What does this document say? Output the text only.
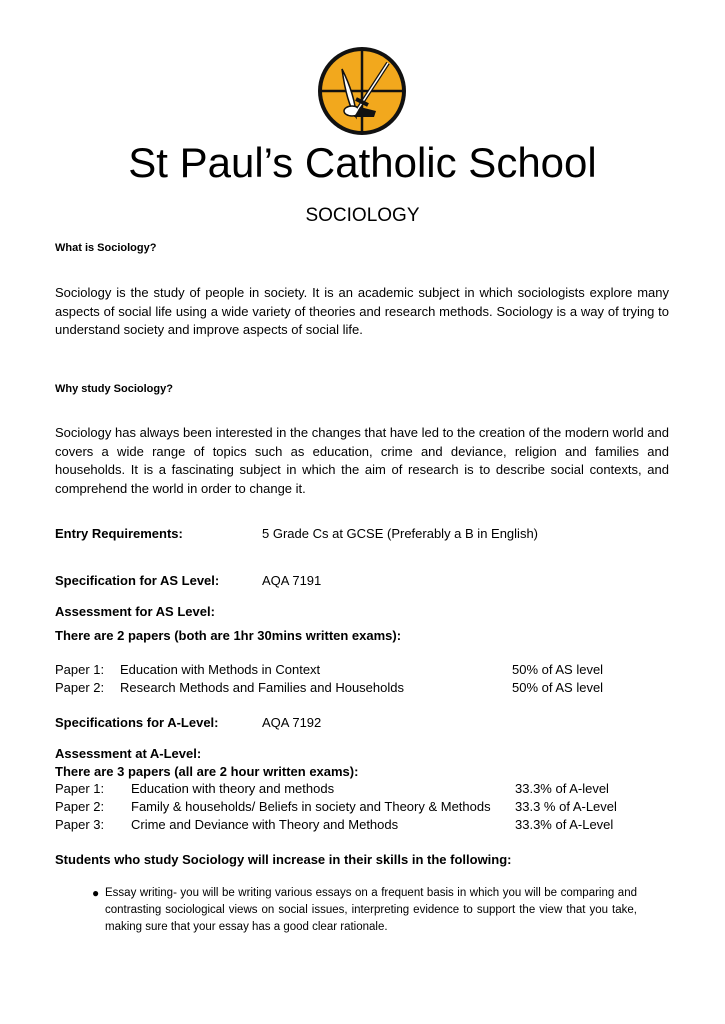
St Paul’s Catholic School
SOCIOLOGY
What is Sociology?

Sociology is the study of people in society. It is an academic subject in which sociologists explore many aspects of social life using a wide variety of theories and research methods. Sociology is a way of trying to understand society and improve aspects of social life.

Why study Sociology?

Sociology has always been interested in the changes that have led to the creation of the modern world and covers a wide range of topics such as education, crime and deviance, religion and families and households. It is a fascinating subject in which the aim of research is to describe social contexts, and comprehend the world in order to change it.

Entry Requirements:	5 Grade Cs at GCSE (Preferably a B in English)
Specification for AS Level:	AQA 7191
Assessment for AS Level:
There are 2 papers (both are 1hr 30mins written exams):
Paper 1: Education with Methods in Context	50% of AS level
Paper 2: Research Methods and Families and Households	50% of AS level
Specifications for A-Level:	AQA 7192
Assessment at A-Level:
There are 3 papers (all are 2 hour written exams):
Paper 1: Education with theory and methods	33.3% of A-level
Paper 2: Family & households/ Beliefs in society and Theory & Methods 33.3 % of A-Level
Paper 3: Crime and Deviance with Theory and Methods	33.3% of A-Level
Students who study Sociology will increase in their skills in the following:
● Essay writing- you will be writing various essays on a frequent basis in which you will be comparing and contrasting sociological views on social issues, interpreting evidence to support the view that you take, making sure that your essay has a good clear rationale.
